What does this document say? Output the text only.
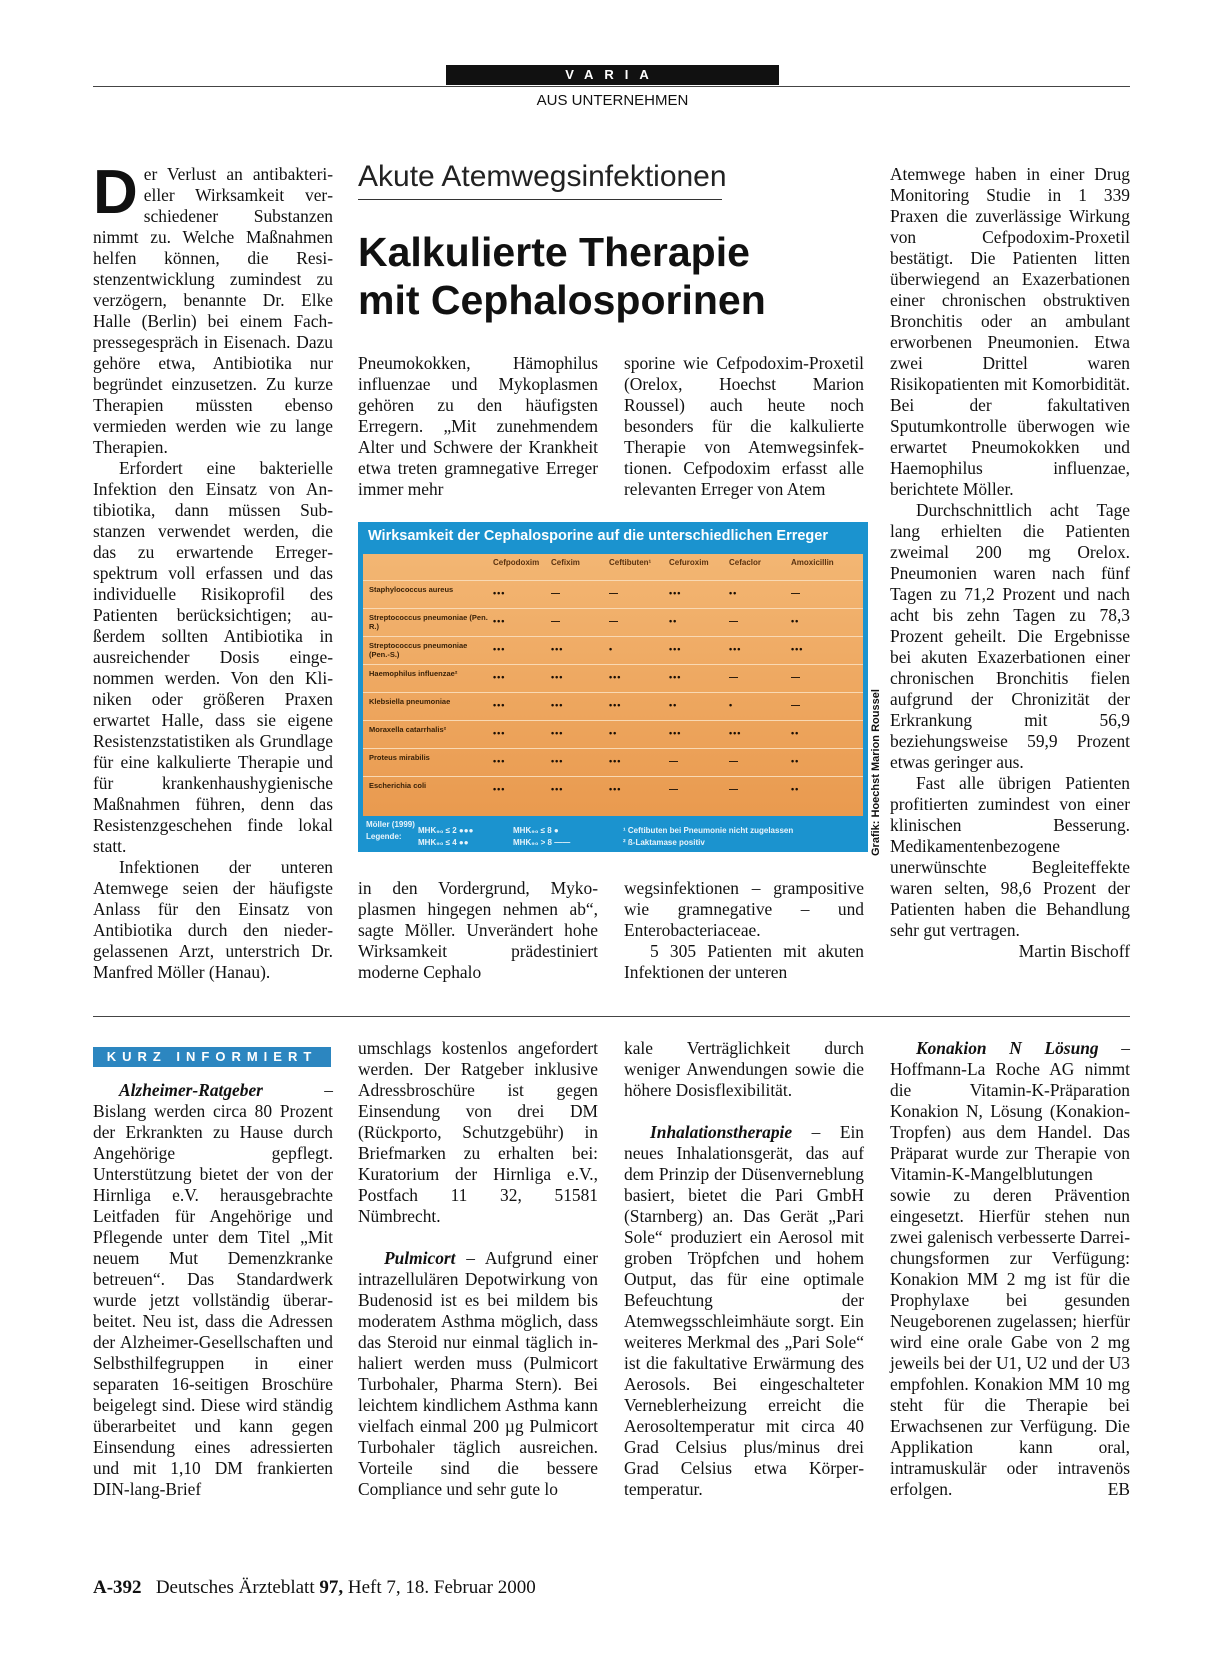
VARIA
AUS UNTERNEHMEN
Akute Atemwegsinfektionen
Kalkulierte Therapie
mit Cephalosporinen
D er Verlust an antibakterieller Wirksamkeit verschiedener Substanzen nimmt zu. Welche Maßnahmen helfen können, die Resistenzentwicklung zumindest zu verzögern, benannte Dr. Elke Halle (Berlin) bei einem Fachpressegespräch in Eisenach. Dazu gehöre etwa, Antibiotika nur begründet einzusetzen. Zu kurze Therapien müssten ebenso vermieden werden wie zu lange Therapien.

Erfordert eine bakterielle Infektion den Einsatz von Antibiotika, dann müssen Substanzen verwendet werden, die das zu erwartende Erregerspektrum voll erfassen und das individuelle Risikoprofil des Patienten berücksichtigen; außerdem sollten Antibiotika in ausreichender Dosis eingenommen werden. Von den Kliniken oder größeren Praxen erwartet Halle, dass sie eigene Resistenzstatistiken als Grundlage für eine kalkulierte Therapie und für krankenhaushygienische Maßnahmen führen, denn das Resistenzgeschehen finde lokal statt.

Infektionen der unteren Atemwege seien der häufigste Anlass für den Einsatz von Antibiotika durch den niedergelassenen Arzt, unterstrich Dr. Manfred Möller (Hanau).

Pneumokokken, Hämophilus influenzae und Mykoplasmen gehören zu den häufigsten Erregern. „Mit zunehmendem Alter und Schwere der Krankheit etwa treten gramnegative Erreger immer mehr

in den Vordergrund, Mykoplasmen hingegen nehmen ab“, sagte Möller. Unverändert hohe Wirksamkeit prädestiniert moderne Cephalo

sporine wie Cefpodoxim-Proxetil (Orelox, Hoechst Marion Roussel) auch heute noch besonders für die kalkulierte Therapie von Atemwegsinfektionen. Cefpodoxim erfasst alle relevanten Erreger von Atem

wegsinfektionen – grampositive wie gramnegative – und Enterobacteriaceae.

5 305 Patienten mit akuten Infektionen der unteren

Atemwege haben in einer Drug Monitoring Studie in 1 339 Praxen die zuverlässige Wirkung von Cefpodoxim-Proxetil bestätigt. Die Patienten litten überwiegend an Exazerbationen einer chronischen obstruktiven Bronchitis oder an ambulant erworbenen Pneumonien. Etwa zwei Drittel waren Risikopatienten mit Komorbidität. Bei der fakultativen Sputumkontrolle überwogen wie erwartet Pneumokokken und Haemophilus influenzae, berichtete Möller.

Durchschnittlich acht Tage lang erhielten die Patienten zweimal 200 mg Orelox. Pneumonien waren nach fünf Tagen zu 71,2 Prozent und nach acht bis zehn Tagen zu 78,3 Prozent geheilt. Die Ergebnisse bei akuten Exazerbationen einer chronischen Bronchitis fielen aufgrund der Chronizität der Erkrankung mit 56,9 beziehungsweise 59,9 Prozent etwas geringer aus.

Fast alle übrigen Patienten profitierten zumindest von einer klinischen Besserung. Medikamentenbezogene unerwünschte Begleiteffekte waren selten, 98,6 Prozent der Patienten haben die Behandlung sehr gut vertragen.
Martin Bischoff

Wirksamkeit der Cephalosporine auf die unterschiedlichen Erreger
Cefpodoxim Cefixim	Ceftibuten¹ Cefuroxim	Cefaclor	Amoxicillin
Staphylococcus aureus	•••	—	—	•••	••	—
Streptococcus pneumoniae (Pen. R.)
•••	—	—	••	—	••
Streptococcus pneumoniae (Pen.-S.)
•••	•••	•	•••	•••	•••
Haemophilus influenzae²	•••	•••	•••	•••	—	—
Klebsiella pneumoniae	•••	•••	•••	••	•	—
Moraxella catarrhalis²	•••	•••	••	•••	•••	••
Proteus mirabilis	•••	•••	•••	—	—	••
Escherichia coli	•••	•••	•••	—	—	••
Möller (1999)
Legende:
MHK₉₀ ≤ 2 ●●●
MHK₉₀ ≤ 4 ●●
MHK₉₀ ≤ 8 ●
MHK₉₀ > 8 ——
¹ Ceftibuten bei Pneumonie nicht zugelassen
² ß-Laktamase positiv	Grafik: Hoechst Marion Roussel
KURZ INFORMIERT

Alzheimer-Ratgeber	– Bislang werden circa 80 Prozent der Erkrankten zu Hause durch Angehörige gepflegt. Unterstützung bietet der von der Hirnliga e.V. herausgebrachte Leitfaden für Angehörige und Pflegende unter dem Titel „Mit neuem Mut Demenzkranke betreuen“. Das Standardwerk wurde jetzt vollständig überarbeitet. Neu ist, dass die Adressen der Alzheimer-Gesellschaften und Selbsthilfegruppen in einer separaten 16-seitigen Broschüre beigelegt sind. Diese wird ständig überarbeitet und kann gegen Einsendung eines adressierten und mit 1,10 DM frankierten DIN-lang-Brief

umschlags kostenlos angefordert werden. Der Ratgeber inklusive Adressbroschüre ist gegen Einsendung von drei DM (Rückporto, Schutzgebühr) in Briefmarken zu erhalten bei: Kuratorium der Hirnliga e.V., Postfach 11 32, 51581 Nümbrecht.

Pulmicort – Aufgrund einer intrazellulären Depotwirkung von Budenosid ist es bei mildem bis moderatem Asthma möglich, dass das Steroid nur einmal täglich inhaliert werden muss (Pulmicort Turbohaler, Pharma Stern). Bei leichtem kindlichem Asthma kann vielfach einmal 200 µg Pulmicort Turbohaler täglich ausreichen. Vorteile sind die bessere Compliance und sehr gute lo

kale Verträglichkeit durch weniger Anwendungen sowie die höhere Dosisflexibilität.

Inhalationstherapie – Ein neues Inhalationsgerät, das auf dem Prinzip der Düsenverneblung basiert, bietet die Pari GmbH (Starnberg) an. Das Gerät „Pari Sole“ produziert ein Aerosol mit groben Tröpfchen und hohem Output, das für eine optimale Befeuchtung der Atemwegsschleimhäute sorgt. Ein weiteres Merkmal des „Pari Sole“ ist die fakultative Erwärmung des Aerosols. Bei eingeschalteter Verneblerheizung erreicht die Aerosoltemperatur mit circa 40 Grad Celsius plus/minus drei Grad Celsius etwa Körpertemperatur.

Konakion N Lösung – Hoffmann-La Roche AG nimmt die Vitamin-K-Präparation Konakion N, Lösung (Konakion-Tropfen) aus dem Handel. Das Präparat wurde zur Therapie von Vitamin-K-Mangelblutungen sowie zu deren Prävention eingesetzt. Hierfür stehen nun zwei galenisch verbesserte Darreichungsformen zur Verfügung: Konakion MM 2 mg ist für die Prophylaxe bei gesunden Neugeborenen zugelassen; hierfür wird eine orale Gabe von 2 mg jeweils bei der U1, U2 und der U3 empfohlen. Konakion MM 10 mg steht für die Therapie bei Erwachsenen zur Verfügung. Die Applikation kann oral, intramuskulär oder intravenös erfolgen.	EB

A-392 Deutsches Ärzteblatt 97, Heft 7, 18. Februar 2000
